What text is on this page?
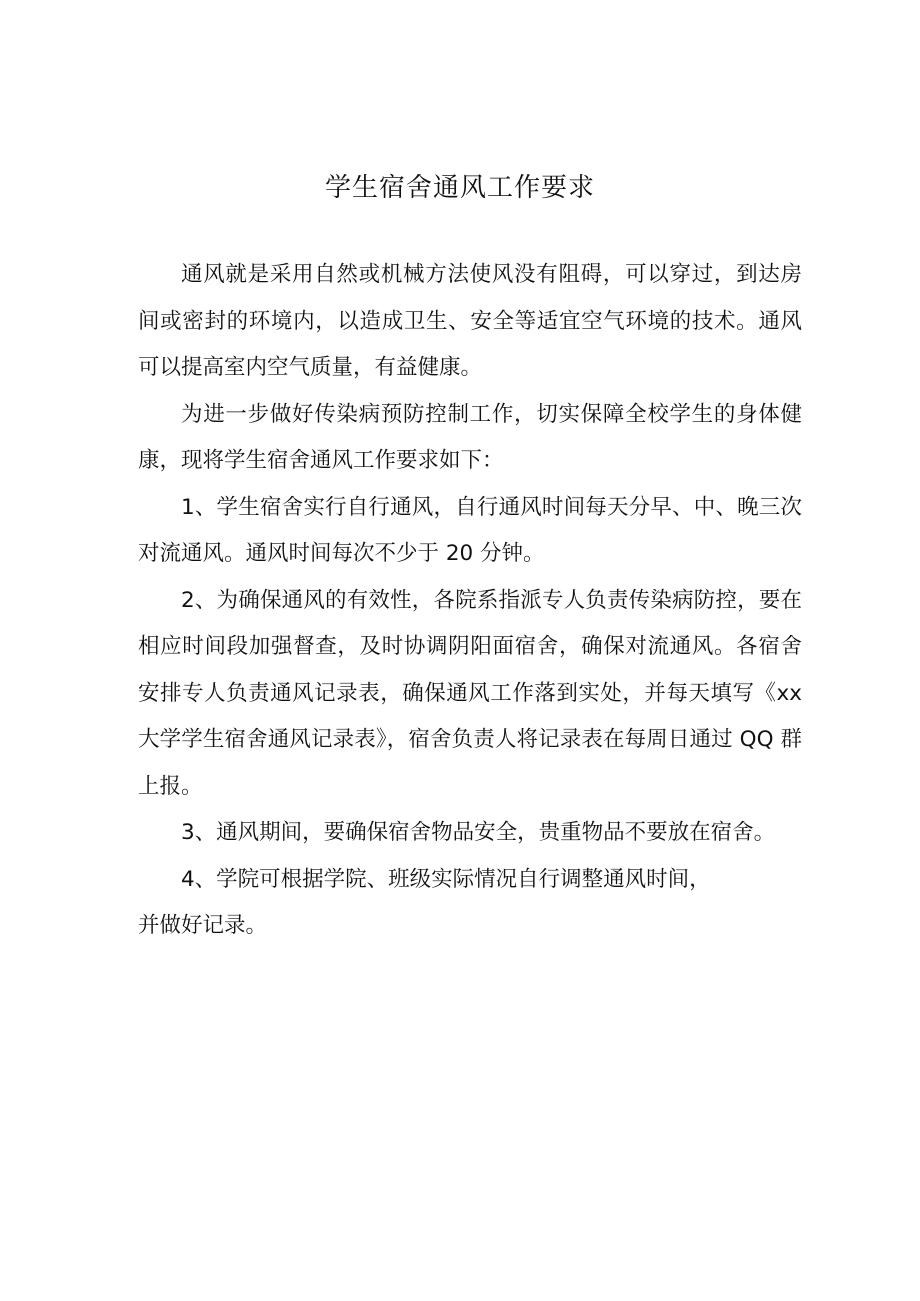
学生宿舍通风工作要求

通风就是采用自然或机械方法使风没有阻碍，可以穿过，到达房间或密封的环境内，以造成卫生、安全等适宜空气环境的技术。通风可以提高室内空气质量，有益健康。

为进一步做好传染病预防控制工作，切实保障全校学生的身体健康，现将学生宿舍通风工作要求如下：

1、学生宿舍实行自行通风，自行通风时间每天分早、中、晚三次对流通风。通风时间每次不少于 20 分钟。

2、为确保通风的有效性，各院系指派专人负责传染病防控，要在相应时间段加强督查，及时协调阴阳面宿舍，确保对流通风。各宿舍安排专人负责通风记录表，确保通风工作落到实处，并每天填写《xx 大学学生宿舍通风记录表》，宿舍负责人将记录表在每周日通过 QQ 群上报。

3、通风期间，要确保宿舍物品安全，贵重物品不要放在宿舍。

4、学院可根据学院、班级实际情况自行调整通风时间，

并做好记录。
